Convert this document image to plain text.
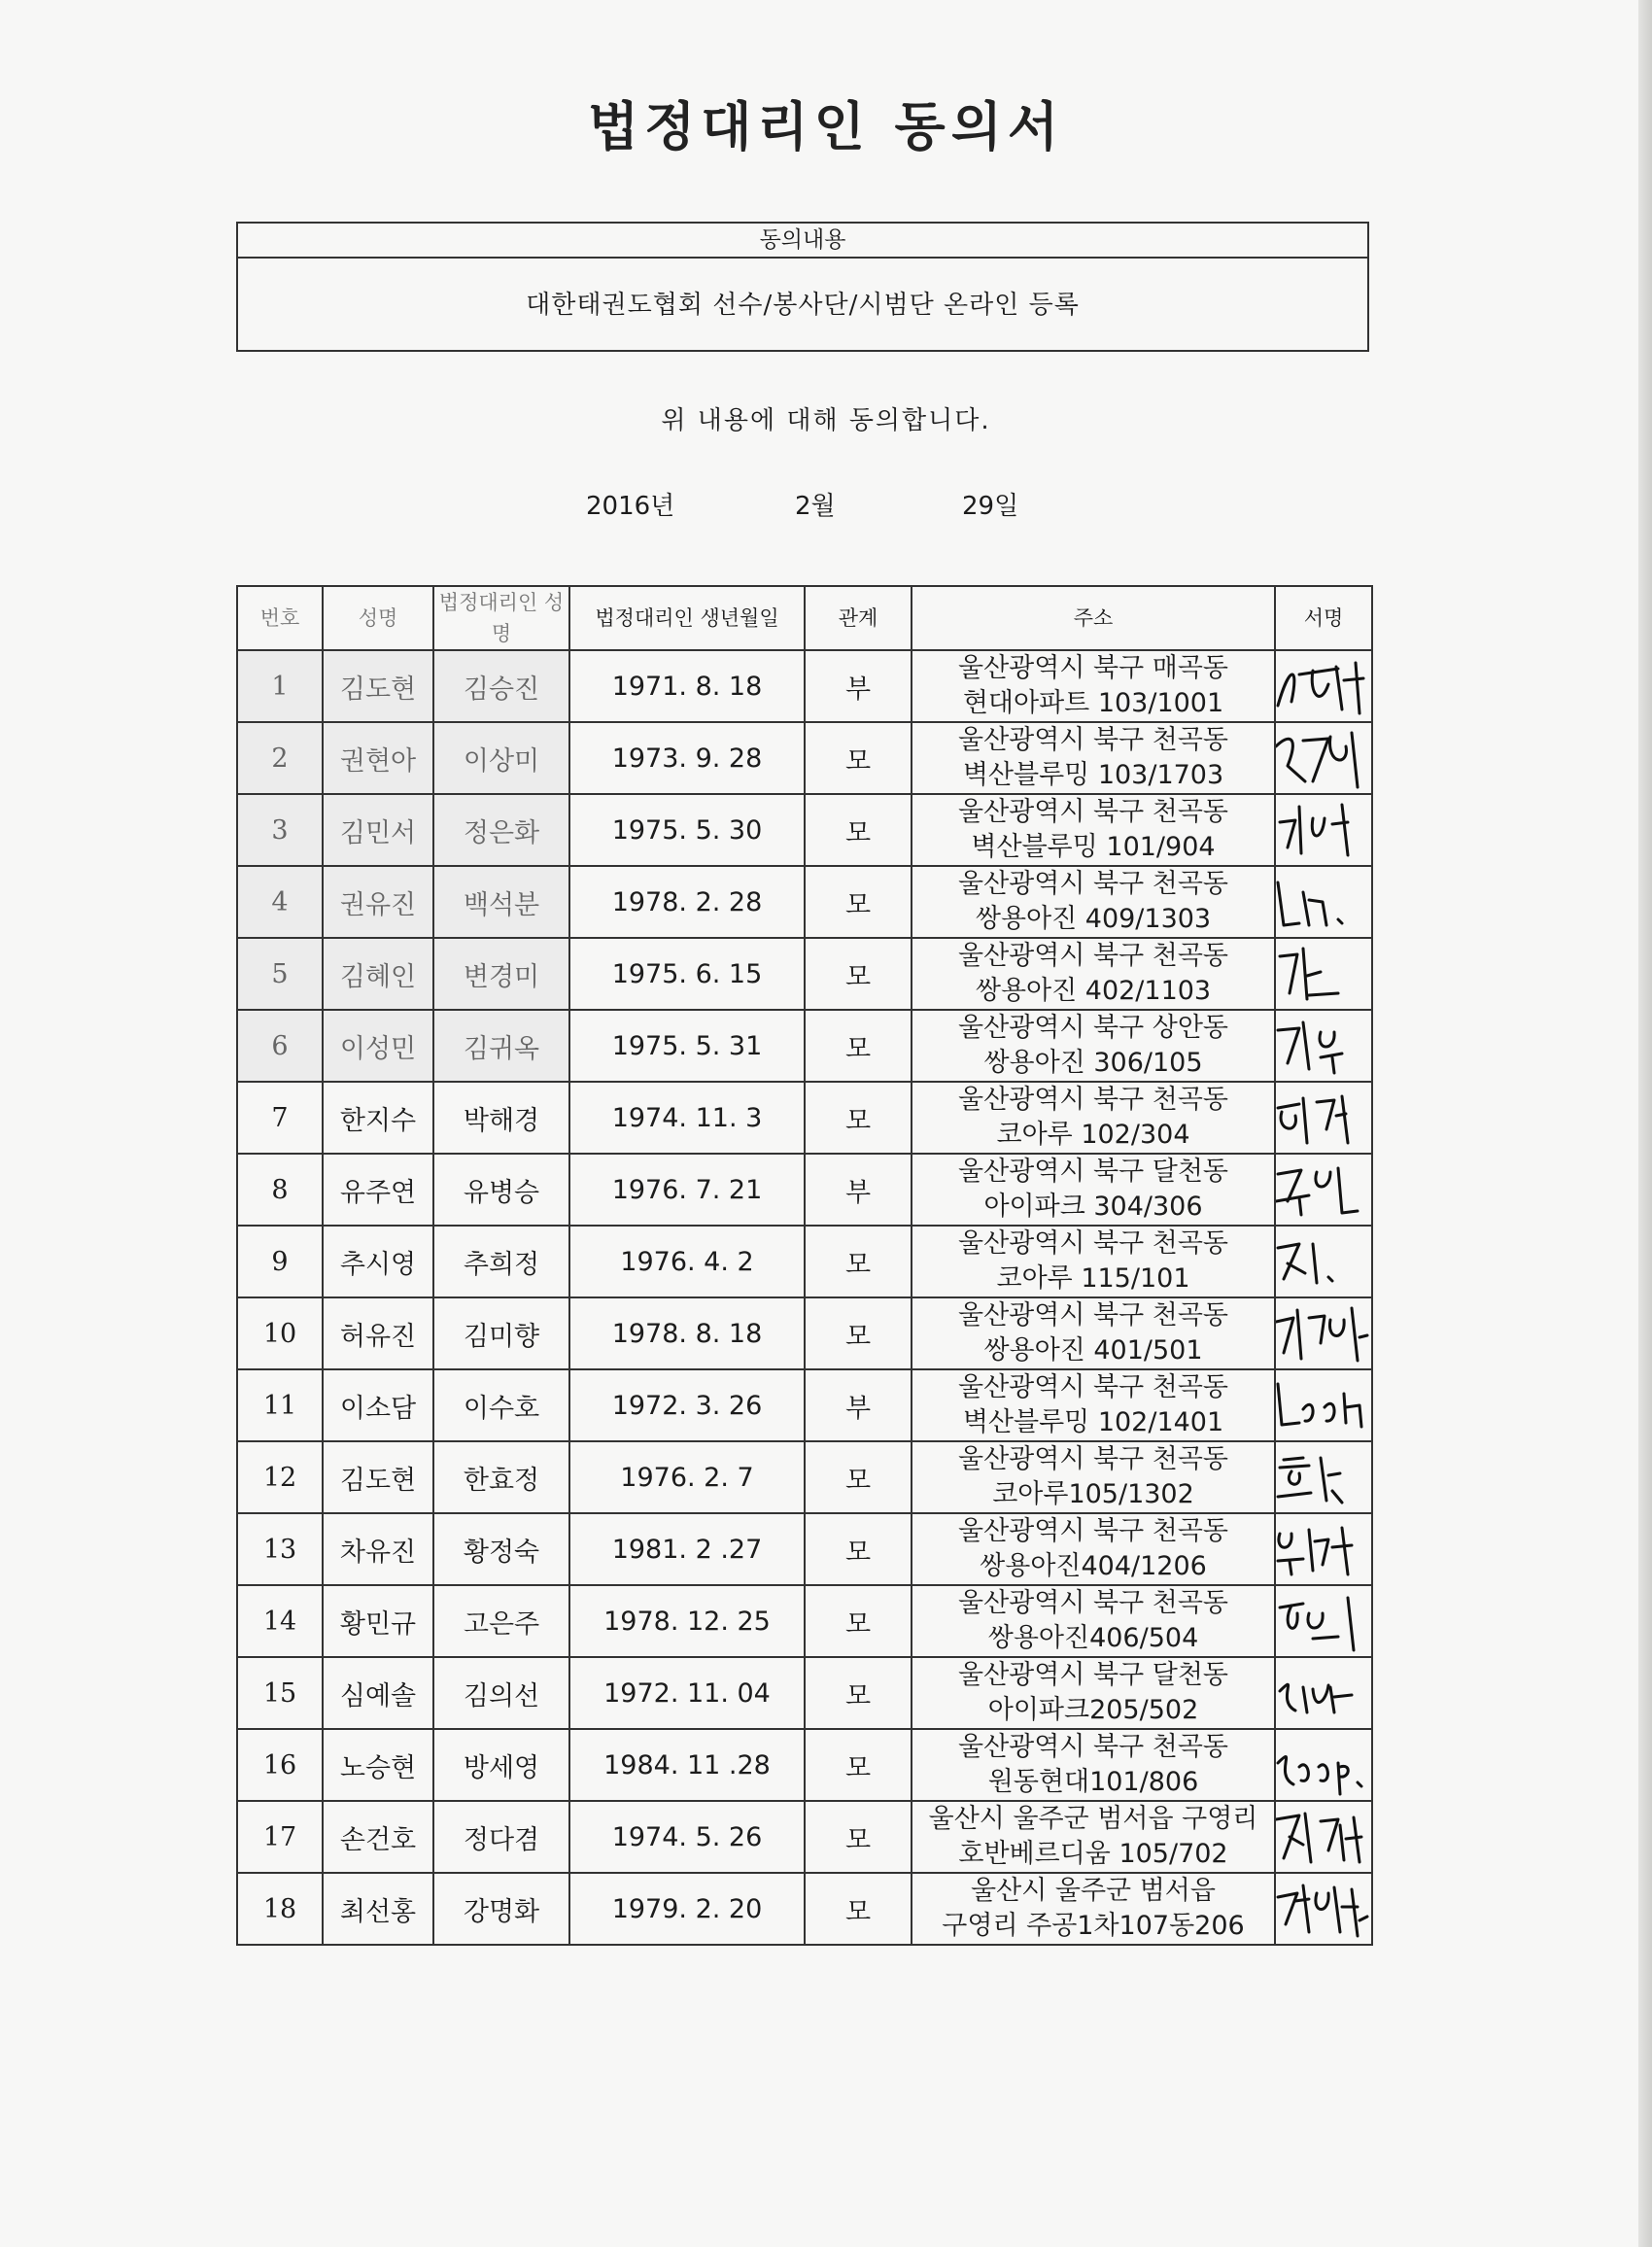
법정대리인 동의서
동의내용
대한태권도협회 선수/봉사단/시범단 온라인 등록
위 내용에 대해 동의합니다.
2016년	2월	29일
번호	성명	법정대리인 성명	법정대리인 생년월일	관계	주소	서명
1	김도현	김승진	1971. 8. 18	부	울산광역시 북구 매곡동
현대아파트 103/1001

2	권현아	이상미	1973. 9. 28	모	울산광역시 북구 천곡동
벽산블루밍 103/1703

3	김민서	정은화	1975. 5. 30	모	울산광역시 북구 천곡동
벽산블루밍 101/904

4	권유진	백석분	1978. 2. 28	모	울산광역시 북구 천곡동
쌍용아진 409/1303

5	김혜인	변경미	1975. 6. 15	모	울산광역시 북구 천곡동
쌍용아진 402/1103

6	이성민	김귀옥	1975. 5. 31	모	울산광역시 북구 상안동
쌍용아진 306/105

7	한지수	박해경	1974. 11. 3	모	울산광역시 북구 천곡동
코아루 102/304

8	유주연	유병승	1976. 7. 21	부	울산광역시 북구 달천동
아이파크 304/306

9	추시영	추희정	1976. 4. 2	모	울산광역시 북구 천곡동
코아루 115/101

10	허유진	김미향	1978. 8. 18	모	울산광역시 북구 천곡동
쌍용아진 401/501

11	이소담	이수호	1972. 3. 26	부	울산광역시 북구 천곡동
벽산블루밍 102/1401

12	김도현	한효정	1976. 2. 7	모	울산광역시 북구 천곡동
코아루105/1302

13	차유진	황정숙	1981. 2 .27	모	울산광역시 북구 천곡동
쌍용아진404/1206

14	황민규	고은주	1978. 12. 25	모	울산광역시 북구 천곡동
쌍용아진406/504

15	심예솔	김의선	1972. 11. 04	모	울산광역시 북구 달천동
아이파크205/502

16	노승현	방세영	1984. 11 .28	모	울산광역시 북구 천곡동
원동현대101/806

17	손건호	정다겸	1974. 5. 26	모	울산시 울주군 범서읍 구영리
호반베르디움 105/702

18	최선홍	강명화	1979. 2. 20	모	울산시 울주군 범서읍
구영리 주공1차107동206
